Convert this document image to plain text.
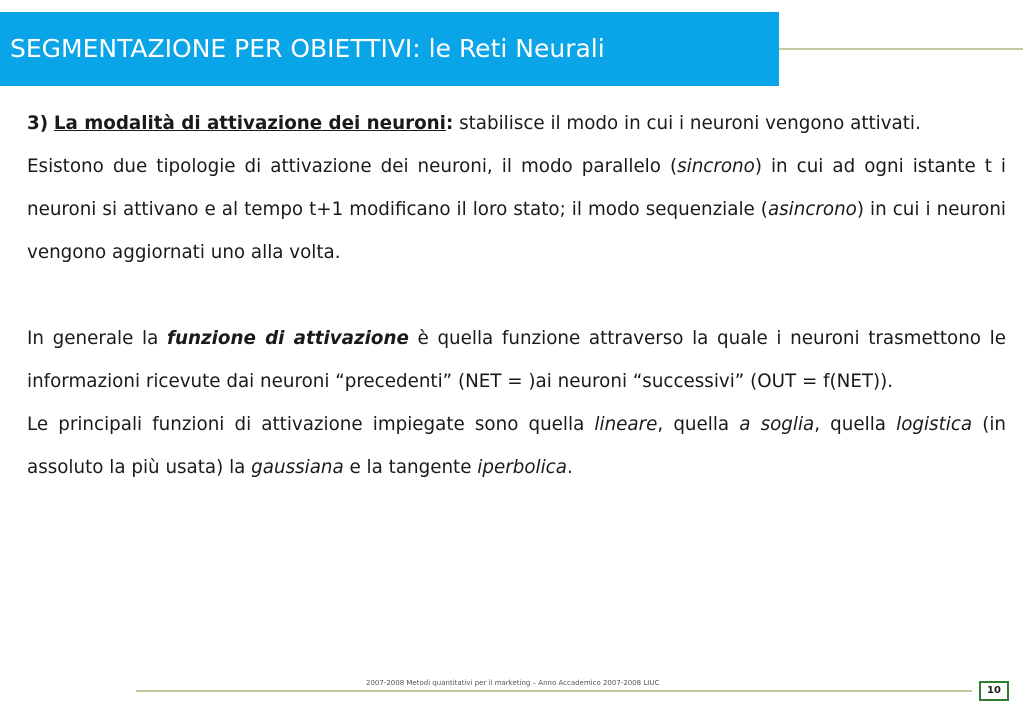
SEGMENTAZIONE PER OBIETTIVI: le Reti Neurali

3) La modalità di attivazione dei neuroni: stabilisce il modo in cui i neuroni vengono attivati.

Esistono due tipologie di attivazione dei neuroni, il modo parallelo (sincrono) in cui ad ogni istante t i neuroni si attivano e al tempo t+1 modificano il loro stato; il modo sequenziale (asincrono) in cui i neuroni vengono aggiornati uno alla volta.

In generale la funzione di attivazione è quella funzione attraverso la quale i neuroni trasmettono le informazioni ricevute dai neuroni “precedenti” (NET = )ai neuroni “successivi” (OUT = f(NET)).

Le principali funzioni di attivazione impiegate sono quella lineare, quella a soglia, quella logistica (in assoluto la più usata) la gaussiana e la tangente iperbolica.

2007-2008 Metodi quantitativi per il marketing – Anno Accademico 2007-2008 LIUC
10
